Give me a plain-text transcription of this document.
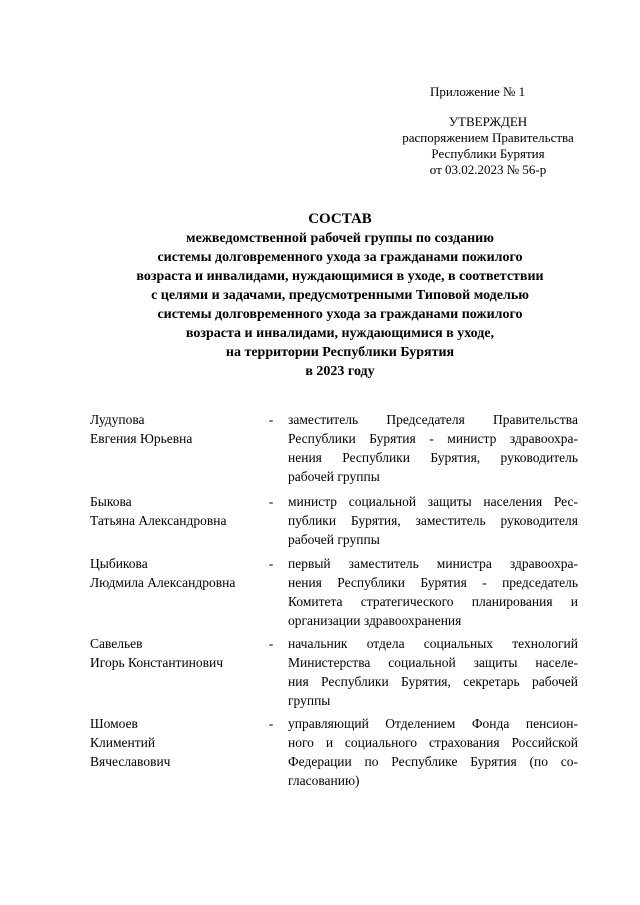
Приложение № 1
УТВЕРЖДЕН
распоряжением Правительства
Республики Бурятия
от 03.02.2023 № 56-р
СОСТАВ
межведомственной рабочей группы по созданию
системы долговременного ухода за гражданами пожилого
возраста и инвалидами, нуждающимися в уходе, в соответствии
с целями и задачами, предусмотренными Типовой моделью
системы долговременного ухода за гражданами пожилого
возраста и инвалидами, нуждающимися в уходе,
на территории Республики Бурятия
в 2023 году
Лудупова
Евгения Юрьевна
- заместитель Председателя Правительства
Республики Бурятия - министр здравоохра-
нения Республики Бурятия, руководитель
рабочей группы
Быкова
Татьяна Александровна
- министр социальной защиты населения Рес-
публики Бурятия, заместитель руководителя
рабочей группы
Цыбикова
Людмила Александровна
- первый заместитель министра здравоохра-
нения Республики Бурятия - председатель
Комитета стратегического планирования и
организации здравоохранения
Савельев
Игорь Константинович
- начальник отдела социальных технологий
Министерства социальной защиты населе-
ния Республики Бурятия, секретарь рабочей
группы
Шомоев
Климентий
Вячеславович
- управляющий Отделением Фонда пенсион-
ного и социального страхования Российской
Федерации по Республике Бурятия (по со-
гласованию)
